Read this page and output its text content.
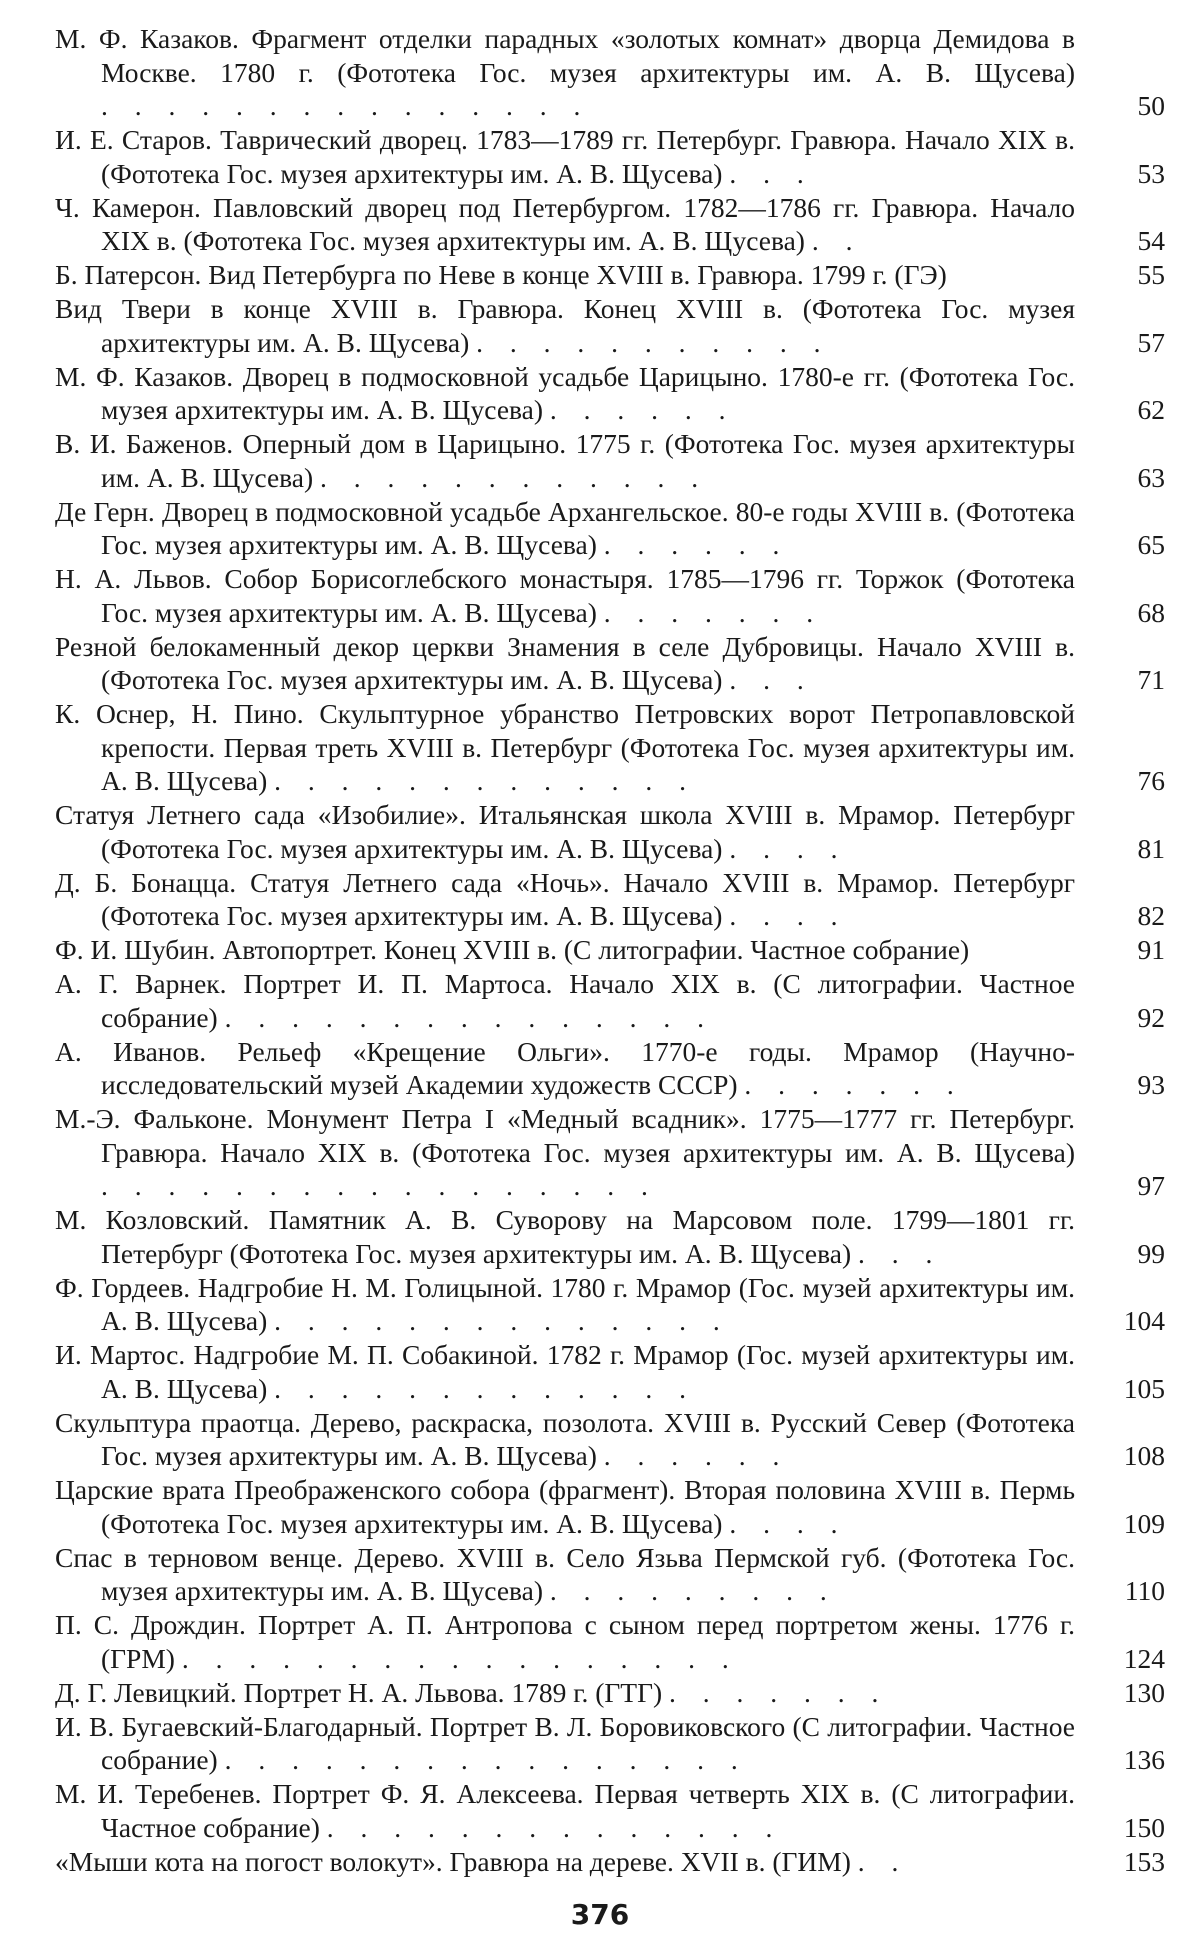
М. Ф. Казаков. Фрагмент отделки парадных «золотых комнат» дворца Демидова в Москве. 1780 г. (Фототека Гос. музея архитектуры им. А. В. Щусева) . . . . . . . . . . . . . . .	50
И. Е. Старов. Таврический дворец. 1783—1789 гг. Петербург. Гравюра. Начало XIX в. (Фототека Гос. музея архитектуры им. А. В. Щусева) . . .	53
Ч. Камерон. Павловский дворец под Петербургом. 1782—1786 гг. Гравюра. Начало XIX в. (Фототека Гос. музея архитектуры им. А. В. Щусева) . .	54
Б. Патерсон. Вид Петербурга по Неве в конце XVIII в. Гравюра. 1799 г. (ГЭ)	55
Вид Твери в конце XVIII в. Гравюра. Конец XVIII в. (Фототека Гос. музея архитектуры им. А. В. Щусева) . . . . . . . . . . .	57
М. Ф. Казаков. Дворец в подмосковной усадьбе Царицыно. 1780-е гг. (Фототека Гос. музея архитектуры им. А. В. Щусева) . . . . . .	62
В. И. Баженов. Оперный дом в Царицыно. 1775 г. (Фототека Гос. музея архитектуры им. А. В. Щусева) . . . . . . . . . . . .	63
Де Герн. Дворец в подмосковной усадьбе Архангельское. 80-е годы XVIII в. (Фототека Гос. музея архитектуры им. А. В. Щусева) . . . . . .	65
Н. А. Львов. Собор Борисоглебского монастыря. 1785—1796 гг. Торжок (Фототека Гос. музея архитектуры им. А. В. Щусева) . . . . . . .	68
Резной белокаменный декор церкви Знамения в селе Дубровицы. Начало XVIII в. (Фототека Гос. музея архитектуры им. А. В. Щусева) . . .	71
К. Оснер, Н. Пино. Скульптурное убранство Петровских ворот Петропавловской крепости. Первая треть XVIII в. Петербург (Фототека Гос. музея архитектуры им. А. В. Щусева) . . . . . . . . . . . . .	76
Статуя Летнего сада «Изобилие». Итальянская школа XVIII в. Мрамор. Петербург (Фототека Гос. музея архитектуры им. А. В. Щусева) . . . .	81
Д. Б. Бонацца. Статуя Летнего сада «Ночь». Начало XVIII в. Мрамор. Петербург (Фототека Гос. музея архитектуры им. А. В. Щусева) . . . .	82
Ф. И. Шубин. Автопортрет. Конец XVIII в. (С литографии. Частное собрание)	91
А. Г. Варнек. Портрет И. П. Мартоса. Начало XIX в. (С литографии. Частное собрание) . . . . . . . . . . . . . . .	92
А. Иванов. Рельеф «Крещение Ольги». 1770-е годы. Мрамор (Научно-исследовательский музей Академии художеств СССР) . . . . . . .	93
М.-Э. Фальконе. Монумент Петра I «Медный всадник». 1775—1777 гг. Петербург. Гравюра. Начало XIX в. (Фототека Гос. музея архитектуры им. А. В. Щусева) . . . . . . . . . . . . . . . . .	97
М. Козловский. Памятник А. В. Суворову на Марсовом поле. 1799—1801 гг. Петербург (Фототека Гос. музея архитектуры им. А. В. Щусева) . . .	99
Ф. Гордеев. Надгробие Н. М. Голицыной. 1780 г. Мрамор (Гос. музей архитектуры им. А. В. Щусева) . . . . . . . . . . . . . .	104
И. Мартос. Надгробие М. П. Собакиной. 1782 г. Мрамор (Гос. музей архитектуры им. А. В. Щусева) . . . . . . . . . . . . .	105
Скульптура праотца. Дерево, раскраска, позолота. XVIII в. Русский Север (Фототека Гос. музея архитектуры им. А. В. Щусева) . . . . . .	108
Царские врата Преображенского собора (фрагмент). Вторая половина XVIII в. Пермь (Фототека Гос. музея архитектуры им. А. В. Щусева) . . . .	109
Спас в терновом венце. Дерево. XVIII в. Село Язьва Пермской губ. (Фототека Гос. музея архитектуры им. А. В. Щусева) . . . . . . . . .	110
П. С. Дрождин. Портрет А. П. Антропова с сыном перед портретом жены. 1776 г. (ГРМ) . . . . . . . . . . . . . . . . .	124
Д. Г. Левицкий. Портрет Н. А. Львова. 1789 г. (ГТГ) . . . . . . .	130
И. В. Бугаевский-Благодарный. Портрет В. Л. Боровиковского (С литографии. Частное собрание) . . . . . . . . . . . . . . . .	136
М. И. Теребенев. Портрет Ф. Я. Алексеева. Первая четверть XIX в. (С литографии. Частное собрание) . . . . . . . . . . . . . .	150
«Мыши кота на погост волокут». Гравюра на дереве. XVII в. (ГИМ) . .	153
376
